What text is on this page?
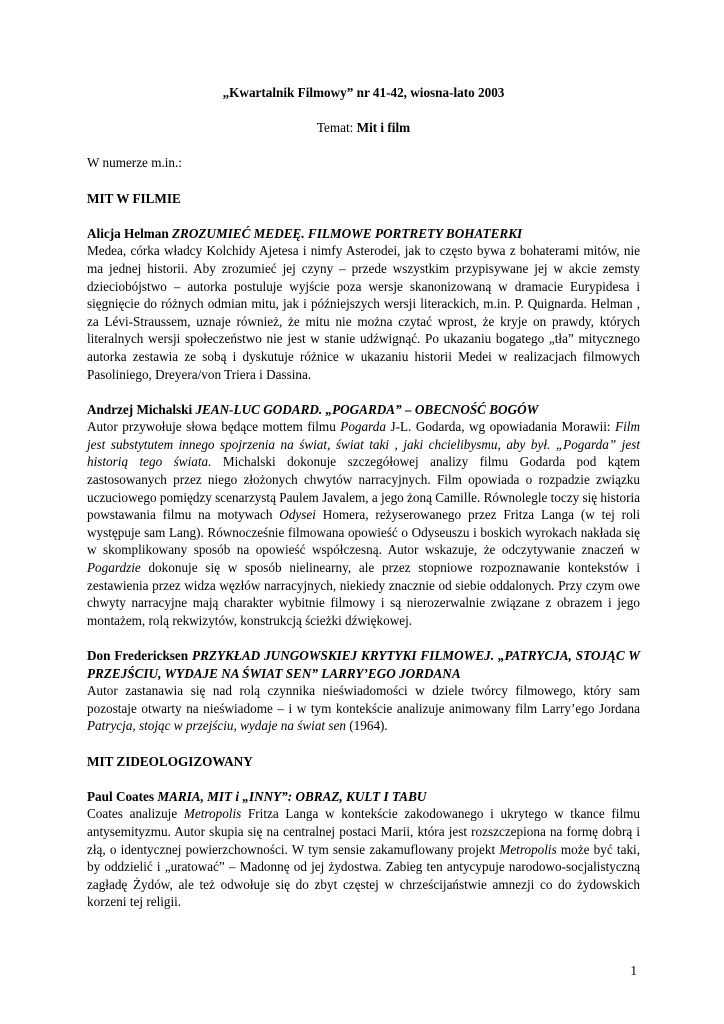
„Kwartalnik Filmowy” nr 41-42, wiosna-lato 2003

Temat: Mit i film

W numerze m.in.:

MIT W FILMIE

Alicja Helman ZROZUMIEĆ MEDEĘ. FILMOWE PORTRETY BOHATERKI

Medea, córka władcy Kolchidy Ajetesa i nimfy Asterodei, jak to często bywa z bohaterami mitów, nie ma jednej historii. Aby zrozumieć jej czyny – przede wszystkim przypisywane jej w akcie zemsty dzieciobójstwo – autorka postuluje wyjście poza wersje skanonizowaną w dramacie Eurypidesa i sięgnięcie do różnych odmian mitu, jak i późniejszych wersji literackich, m.in. P. Quignarda. Helman , za Lévi-Straussem, uznaje również, że mitu nie można czytać wprost, że kryje on prawdy, których literalnych wersji społeczeństwo nie jest w stanie udźwignąć. Po ukazaniu bogatego „tła” mitycznego autorka zestawia ze sobą i dyskutuje różnice w ukazaniu historii Medei w realizacjach filmowych Pasoliniego, Dreyera/von Triera i Dassina.

Andrzej Michalski JEAN-LUC GODARD. „POGARDA” – OBECNOŚĆ BOGÓW

Autor przywołuje słowa będące mottem filmu Pogarda J-L. Godarda, wg opowiadania Morawii: Film jest substytutem innego spojrzenia na świat, świat taki , jaki chcielibysmu, aby był. „Pogarda” jest historią tego świata. Michalski dokonuje szczegółowej analizy filmu Godarda pod kątem zastosowanych przez niego złożonych chwytów narracyjnych. Film opowiada o rozpadzie związku uczuciowego pomiędzy scenarzystą Paulem Javalem, a jego żoną Camille. Równolegle toczy się historia powstawania filmu na motywach Odysei Homera, reżyserowanego przez Fritza Langa (w tej roli występuje sam Lang). Równocześnie filmowana opowieść o Odyseuszu i boskich wyrokach nakłada się w skomplikowany sposób na opowieść współczesną. Autor wskazuje, że odczytywanie znaczeń w Pogardzie dokonuje się w sposób nielinearny, ale przez stopniowe rozpoznawanie kontekstów i zestawienia przez widza węzłów narracyjnych, niekiedy znacznie od siebie oddalonych. Przy czym owe chwyty narracyjne mają charakter wybitnie filmowy i są nierozerwalnie związane z obrazem i jego montażem, rolą rekwizytów, konstrukcją ścieżki dźwiękowej.

Don Fredericksen PRZYKŁAD JUNGOWSKIEJ KRYTYKI FILMOWEJ. „PATRYCJA, STOJĄC W PRZEJŚCIU, WYDAJE NA ŚWIAT SEN” LARRY’EGO JORDANA

Autor zastanawia się nad rolą czynnika nieświadomości w dziele twórcy filmowego, który sam pozostaje otwarty na nieświadome – i w tym kontekście analizuje animowany film Larry’ego Jordana Patrycja, stojąc w przejściu, wydaje na świat sen (1964).

MIT ZIDEOLOGIZOWANY

Paul Coates MARIA, MIT i „INNY”: OBRAZ, KULT I TABU

Coates analizuje Metropolis Fritza Langa w kontekście zakodowanego i ukrytego w tkance filmu antysemityzmu. Autor skupia się na centralnej postaci Marii, która jest rozszczepiona na formę dobrą i złą, o identycznej powierzchowności. W tym sensie zakamuflowany projekt Metropolis może być taki, by oddzielić i „uratować” – Madonnę od jej żydostwa. Zabieg ten antycypuje narodowo-socjalistyczną zagładę Żydów, ale też odwołuje się do zbyt częstej w chrześcijaństwie amnezji co do żydowskich korzeni tej religii.

1
